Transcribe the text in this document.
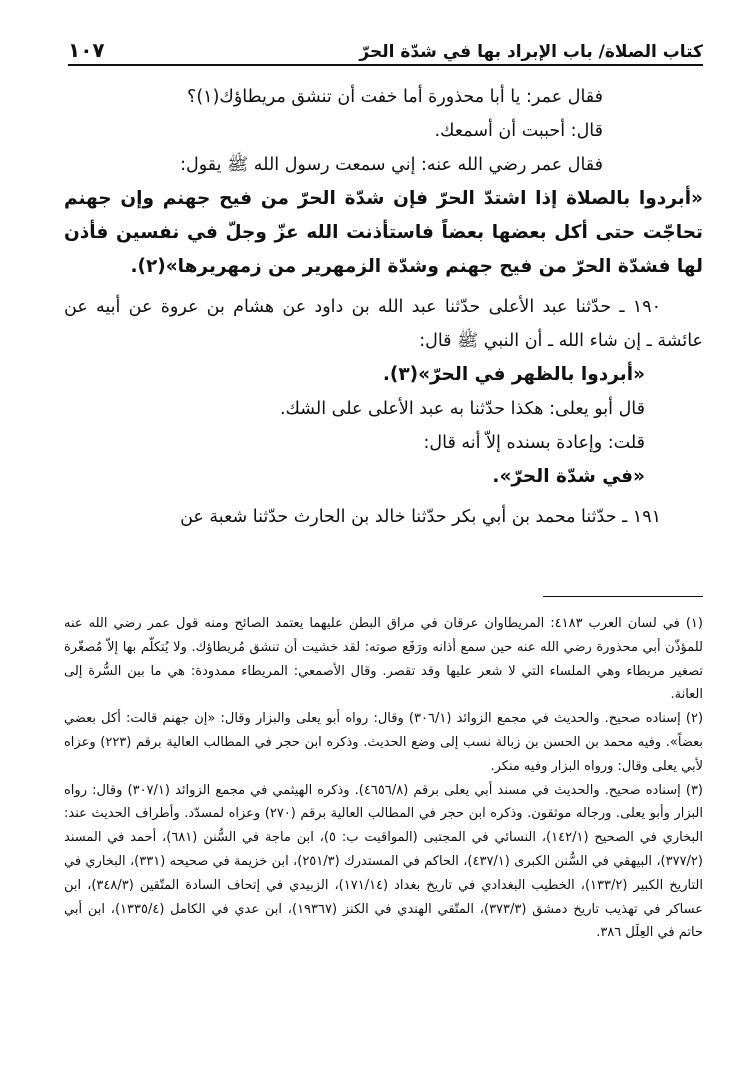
كتاب الصلاة/ باب الإبراد بها في شدّة الحرّ
١٠٧

فقال عمر: يا أبا محذورة أما خفت أن تنشق مريطاؤك(١)؟

قال: أحببت أن أسمعك.

فقال عمر رضي الله عنه: إني سمعت رسول الله ﷺ يقول:

«أبردوا بالصلاة إذا اشتدّ الحرّ فإن شدّة الحرّ من فيح جهنم وإن جهنم تحاجّت حتى أكل بعضها بعضاً فاستأذنت الله عزّ وجلّ في نفسين فأذن لها فشدّة الحرّ من فيح جهنم وشدّة الزمهرير من زمهريرها»(٢).

١٩٠ ـ حدّثنا عبد الأعلى حدّثنا عبد الله بن داود عن هشام بن عروة عن أبيه عن عائشة ـ إن شاء الله ـ أن النبي ﷺ قال:

«أبردوا بالظهر في الحرّ»(٣).

قال أبو يعلى: هكذا حدّثنا به عبد الأعلى على الشك.

قلت: وإعادة بسنده إلاّ أنه قال:

«في شدّة الحرّ».

١٩١ ـ حدّثنا محمد بن أبي بكر حدّثنا خالد بن الحارث حدّثنا شعبة عن

(١) في لسان العرب ٤١٨٣: المريطاوان عرقان في مراق البطن عليهما يعتمد الصائح ومنه قول عمر رضي الله عنه للمؤذّن أبي محذورة رضي الله عنه حين سمع أذانه ورَفَع صوته: لقد خشيت أن تنشق مُريطاؤك. ولا يُتكلّم بها إلاّ مُصغّرة تصغير مريطاء وهي الملساء التي لا شعر عليها وقد تقصر. وقال الأصمعي: المريطاء ممدودة: هي ما بين السُّرة إلى العانة.

(٢) إسناده صحيح. والحديث في مجمع الزوائد (٣٠٦/١) وقال: رواه أبو يعلى والبزار وقال: «إن جهنم قالت: أكل بعضي بعضاً». وفيه محمد بن الحسن بن زبالة نسب إلى وضع الحديث. وذكره ابن حجر في المطالب العالية برقم (٢٢٣) وعزاه لأبي يعلى وقال: ورواه البزار وفيه منكر.

(٣) إسناده صحيح. والحديث في مسند أبي يعلى برقم (٤٦٥٦/٨). وذكره الهيثمي في مجمع الزوائد (٣٠٧/١) وقال: رواه البزار وأبو يعلى. ورجاله موثقون. وذكره ابن حجر في المطالب العالية برقم (٢٧٠) وعزاه لمسدّد. وأطراف الحديث عند: البخاري في الصحيح (١٤٢/١)، النسائي في المجتبى (المواقيت ب: ٥)، ابن ماجة في السُّنن (٦٨١)، أحمد في المسند (٣٧٧/٢)، البيهقي في السُّنن الكبرى (٤٣٧/١)، الحاكم في المستدرك (٢٥١/٣)، ابن خزيمة في صحيحه (٣٣١)، البخاري في التاريخ الكبير (١٣٣/٢)، الخطيب البغدادي في تاريخ بغداد (١٧١/١٤)، الزبيدي في إتحاف السادة المتّقين (٣٤٨/٣)، ابن عساكر في تهذيب تاريخ دمشق (٣٧٣/٣)، المتّقي الهندي في الكنز (١٩٣٦٧)، ابن عدي في الكامل (١٣٣٥/٤)، ابن أبي حاتم في العِلَل ٣٨٦.
